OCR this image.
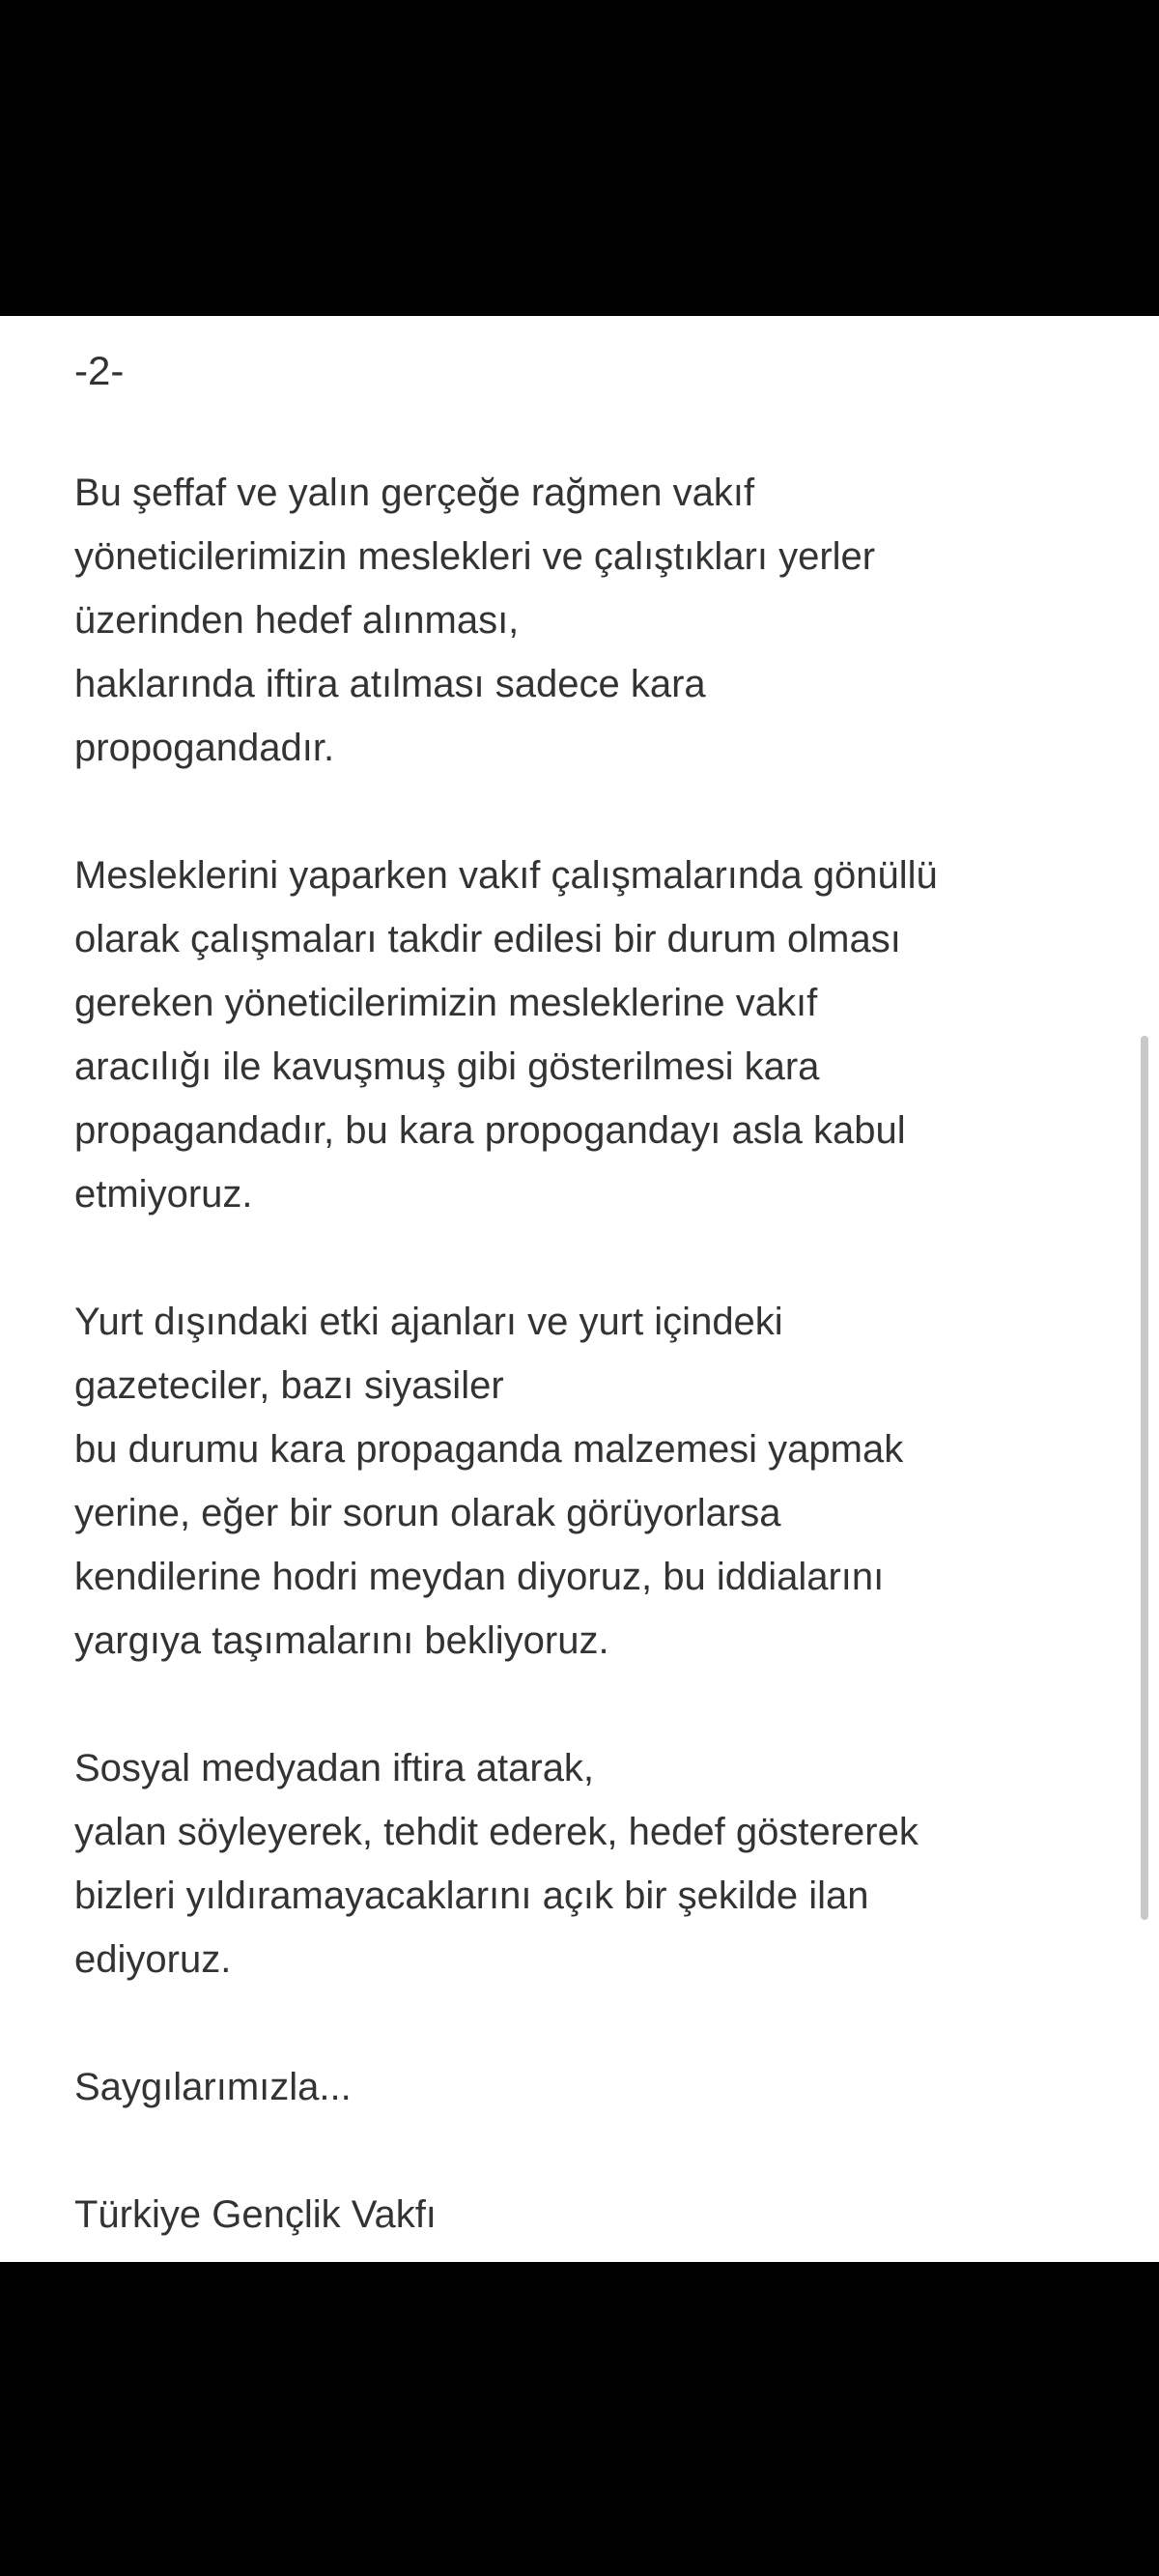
-2-

Bu şeffaf ve yalın gerçeğe rağmen vakıf
yöneticilerimizin meslekleri ve çalıştıkları yerler
üzerinden hedef alınması,
haklarında iftira atılması sadece kara
propogandadır.

Mesleklerini yaparken vakıf çalışmalarında gönüllü
olarak çalışmaları takdir edilesi bir durum olması
gereken yöneticilerimizin mesleklerine vakıf
aracılığı ile kavuşmuş gibi gösterilmesi kara
propagandadır, bu kara propogandayı asla kabul
etmiyoruz.

Yurt dışındaki etki ajanları ve yurt içindeki
gazeteciler, bazı siyasiler
bu durumu kara propaganda malzemesi yapmak
yerine, eğer bir sorun olarak görüyorlarsa
kendilerine hodri meydan diyoruz, bu iddialarını
yargıya taşımalarını bekliyoruz.

Sosyal medyadan iftira atarak,
yalan söyleyerek, tehdit ederek, hedef göstererek
bizleri yıldıramayacaklarını açık bir şekilde ilan
ediyoruz.

Saygılarımızla...

Türkiye Gençlik Vakfı
